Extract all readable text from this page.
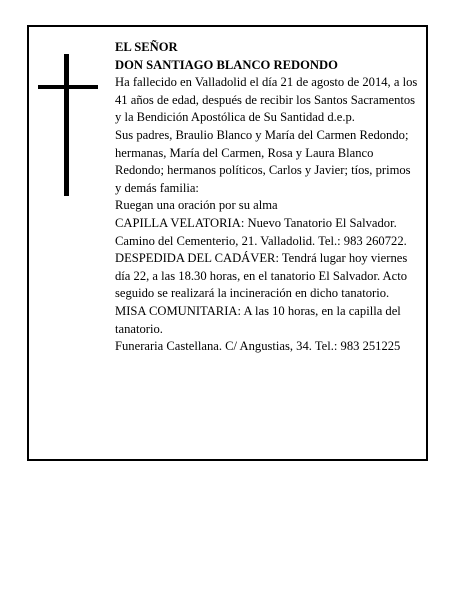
EL SEÑOR

DON SANTIAGO BLANCO REDONDO

Ha fallecido en Valladolid el día 21 de agosto de 2014, a los 41 años de edad, después de recibir los Santos Sacramentos y la Bendición Apostólica de Su Santidad d.e.p.

Sus padres, Braulio Blanco y María del Carmen Redondo; hermanas, María del Carmen, Rosa y Laura Blanco Redondo; hermanos políticos, Carlos y Javier; tíos, primos y demás familia:

Ruegan una oración por su alma

CAPILLA VELATORIA: Nuevo Tanatorio El Salvador. Camino del Cementerio, 21. Valladolid. Tel.: 983 260722.

DESPEDIDA DEL CADÁVER: Tendrá lugar hoy viernes día 22, a las 18.30 horas, en el tanatorio El Salvador. Acto seguido se realizará la incineración en dicho tanatorio.

MISA COMUNITARIA: A las 10 horas, en la capilla del tanatorio.

Funeraria Castellana. C/ Angustias, 34. Tel.: 983 251225
